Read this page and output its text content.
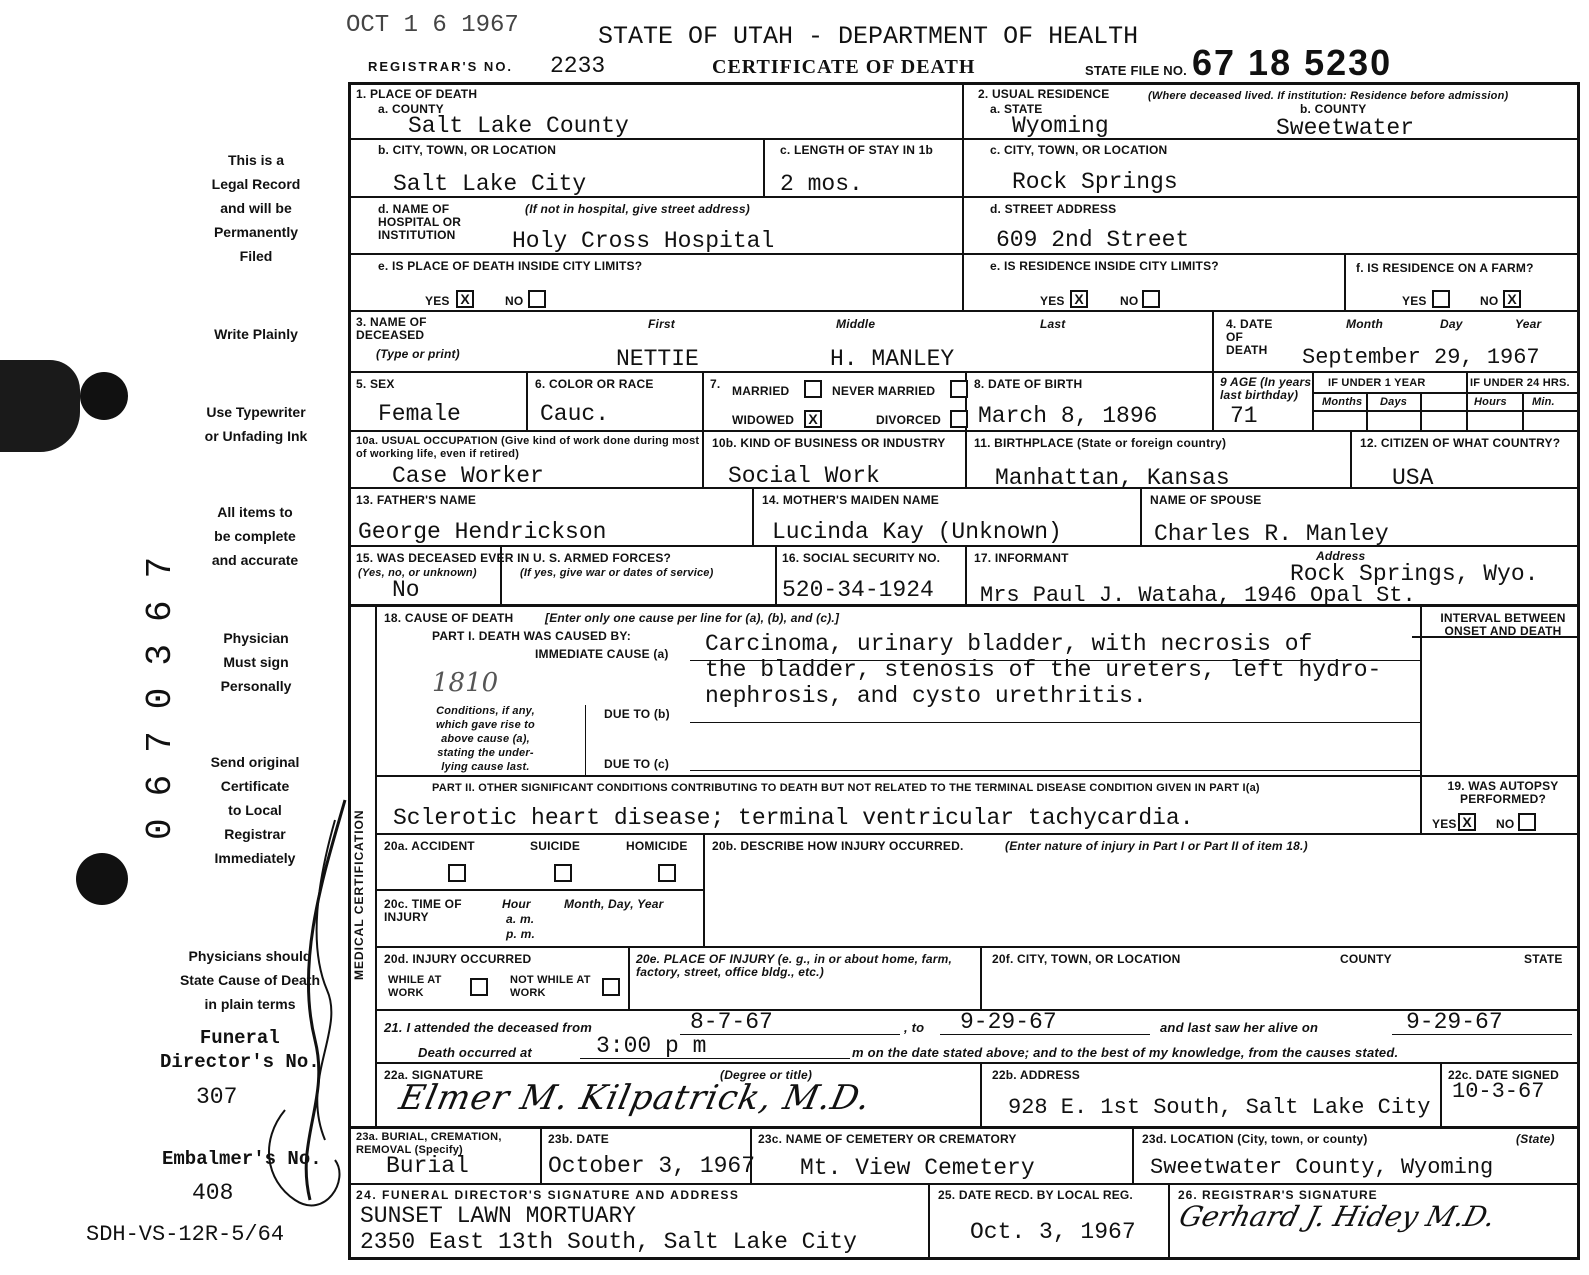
OCT 1 6 1967	STATE OF UTAH - DEPARTMENT OF HEALTH
REGISTRAR'S NO. 2233	CERTIFICATE OF DEATH	STATE FILE NO. 67 18 5230
This is a
Legal Record
and will be
Permanently
Filed
Write Plainly
Use Typewriter
or Unfading Ink
All items to
be complete
and accurate
Physician
Must sign
Personally
Send original
Certificate
to Local
Registrar
Immediately
Physicians should
State Cause of Death
in plain terms
Funeral
Director's No.
307
Embalmer's No.
408
SDH-VS-12R-5/64
0670367
1. PLACE OF DEATH
a. COUNTY
Salt Lake County
b. CITY, TOWN, OR LOCATION
Salt Lake City
c. LENGTH OF STAY IN 1b
2 mos.
d. NAME OF HOSPITAL OR INSTITUTION
(If not in hospital, give street address)
Holy Cross Hospital
e. IS PLACE OF DEATH INSIDE CITY LIMITS?
YES X	NO
2. USUAL RESIDENCE	(Where deceased lived. If institution: Residence before admission)
a. STATE
Wyoming
b. COUNTY
Sweetwater
c. CITY, TOWN, OR LOCATION
Rock Springs
d. STREET ADDRESS
609 2nd Street
e. IS RESIDENCE INSIDE CITY LIMITS?
YES X	NO
f. IS RESIDENCE ON A FARM?
YES	NO X
3. NAME OF DECEASED
(Type or print)
First	Middle	Last
NETTIE	H. MANLEY
4. DATE OF DEATH
Month	Day	Year
September 29, 1967
5. SEX
Female
6. COLOR OR RACE
Cauc.
7. MARRIED	NEVER MARRIED
WIDOWED	X	DIVORCED
8. DATE OF BIRTH
March 8, 1896
9 AGE (In years last birthday)
71
IF UNDER 1 YEAR	IF UNDER 24 HRS.
Months Days	Hours Min.
10a. USUAL OCCUPATION (Give kind of work done during most of working life, even if retired)
Case Worker
10b. KIND OF BUSINESS OR INDUSTRY
Social Work
11. BIRTHPLACE (State or foreign country)
Manhattan, Kansas
12. CITIZEN OF WHAT COUNTRY?
USA
13. FATHER'S NAME
George Hendrickson
14. MOTHER'S MAIDEN NAME
Lucinda Kay (Unknown)
NAME OF SPOUSE
Charles R. Manley
15. WAS DECEASED EVER IN U. S. ARMED FORCES?
(Yes, no, or unknown)	(If yes, give war or dates of service)
No
16. SOCIAL SECURITY NO.
520-34-1924
17. INFORMANT	Address
Rock Springs, Wyo.
Mrs Paul J. Wataha, 1946 Opal St.
MEDICAL CERTIFICATION
18. CAUSE OF DEATH	[Enter only one cause per line for (a), (b), and (c).]
PART I. DEATH WAS CAUSED BY:
IMMEDIATE CAUSE (a)
1810
Carcinoma, urinary bladder, with necrosis of
the bladder, stenosis of the ureters, left hydro-
nephrosis, and cysto urethritis.
Conditions, if any,
which gave rise to
above cause (a),
stating the under-
lying cause last.
DUE TO (b)
DUE TO (c)
INTERVAL BETWEEN ONSET AND DEATH
PART II. OTHER SIGNIFICANT CONDITIONS CONTRIBUTING TO DEATH BUT NOT RELATED TO THE TERMINAL DISEASE CONDITION GIVEN IN PART I(a)
Sclerotic heart disease; terminal ventricular tachycardia.
19. WAS AUTOPSY PERFORMED?
YES X	NO
20a. ACCIDENT	SUICIDE	HOMICIDE 20b. DESCRIBE HOW INJURY OCCURRED.	(Enter nature of injury in Part I or Part II of item 18.)
20c. TIME OF INJURY
Hour
a. m.
p. m.
Month, Day, Year
20d. INJURY OCCURRED
WHILE AT WORK
NOT WHILE AT WORK
20e. PLACE OF INJURY (e. g., in or about home, farm, factory, street, office bldg., etc.)
20f. CITY, TOWN, OR LOCATION	COUNTY	STATE
21. I attended the deceased from	8-7-67	, to 9-29-67	and last saw her alive on	9-29-67
Death occurred at	3:00 p m	m on the date stated above; and to the best of my knowledge, from the causes stated.
22a. SIGNATURE	(Degree or title)
Elmer M. Kilpatrick, M.D.
22b. ADDRESS
928 E. 1st South, Salt Lake City
22c. DATE SIGNED
10-3-67
23a. BURIAL, CREMATION, REMOVAL (Specify)
Burial
23b. DATE
October 3, 1967
23c. NAME OF CEMETERY OR CREMATORY
Mt. View Cemetery
23d. LOCATION (City, town, or county)	(State)
Sweetwater County, Wyoming
24. FUNERAL DIRECTOR'S SIGNATURE AND ADDRESS
SUNSET LAWN MORTUARY
2350 East 13th South, Salt Lake City
25. DATE RECD. BY LOCAL REG.
Oct. 3, 1967
26. REGISTRAR'S SIGNATURE
Gerhard J. Hidey M.D.
